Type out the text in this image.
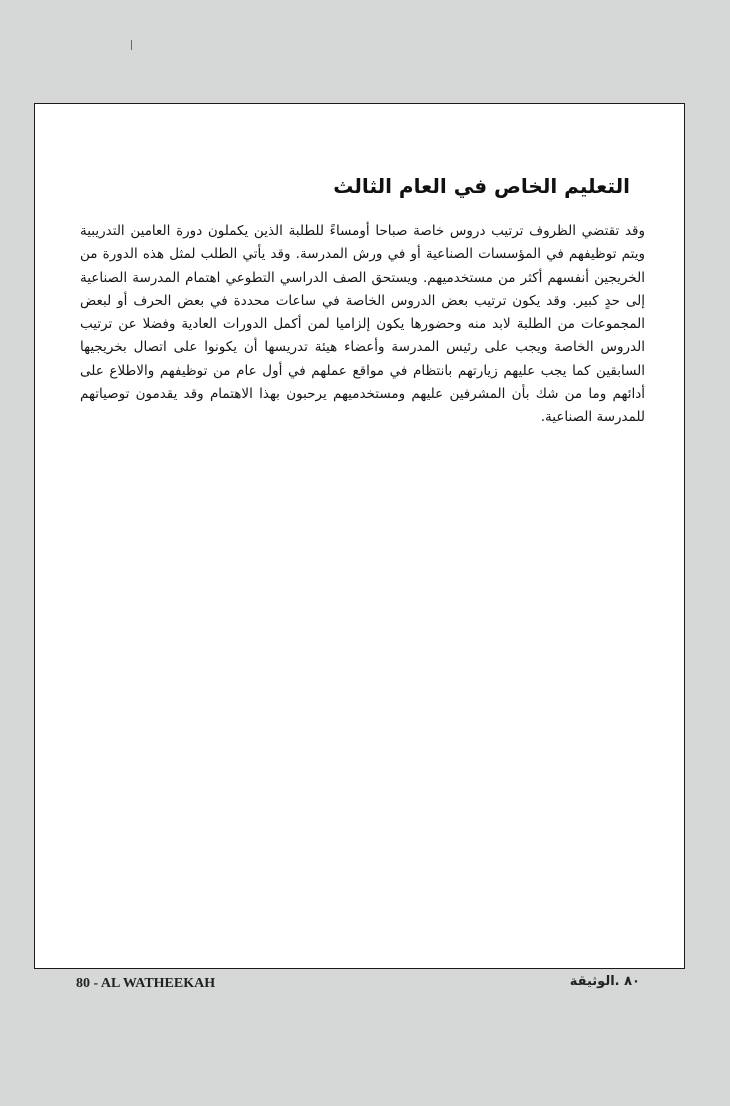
التعليم الخاص في العام الثالث

وقد تقتضي الظروف ترتيب دروس خاصة صباحا أومساءً للطلبة الذين يكملون دورة العامين التدريبية ويتم توظيفهم في المؤسسات الصناعية أو في ورش المدرسة. وقد يأتي الطلب لمثل هذه الدورة من الخريجين أنفسهم أكثر من مستخدميهم. ويستحق الصف الدراسي التطوعي اهتمام المدرسة الصناعية إلى حدٍ كبير. وقد يكون ترتيب بعض الدروس الخاصة في ساعات محددة في بعض الحرف أو لبعض المجموعات من الطلبة لابد منه وحضورها يكون إلزاميا لمن أكمل الدورات العادية وفضلا عن ترتيب الدروس الخاصة ويجب على رئيس المدرسة وأعضاء هيئة تدريسها أن يكونوا على اتصال بخريجيها السابقين كما يجب عليهم زيارتهم بانتظام في مواقع عملهم في أول عام من توظيفهم والاطلاع على أدائهم وما من شك بأن المشرفين عليهم ومستخدميهم يرحبون بهذا الاهتمام وقد يقدمون توصياتهم للمدرسة الصناعية.

80 - AL WATHEEKAH	٨٠ .الوثيقة
